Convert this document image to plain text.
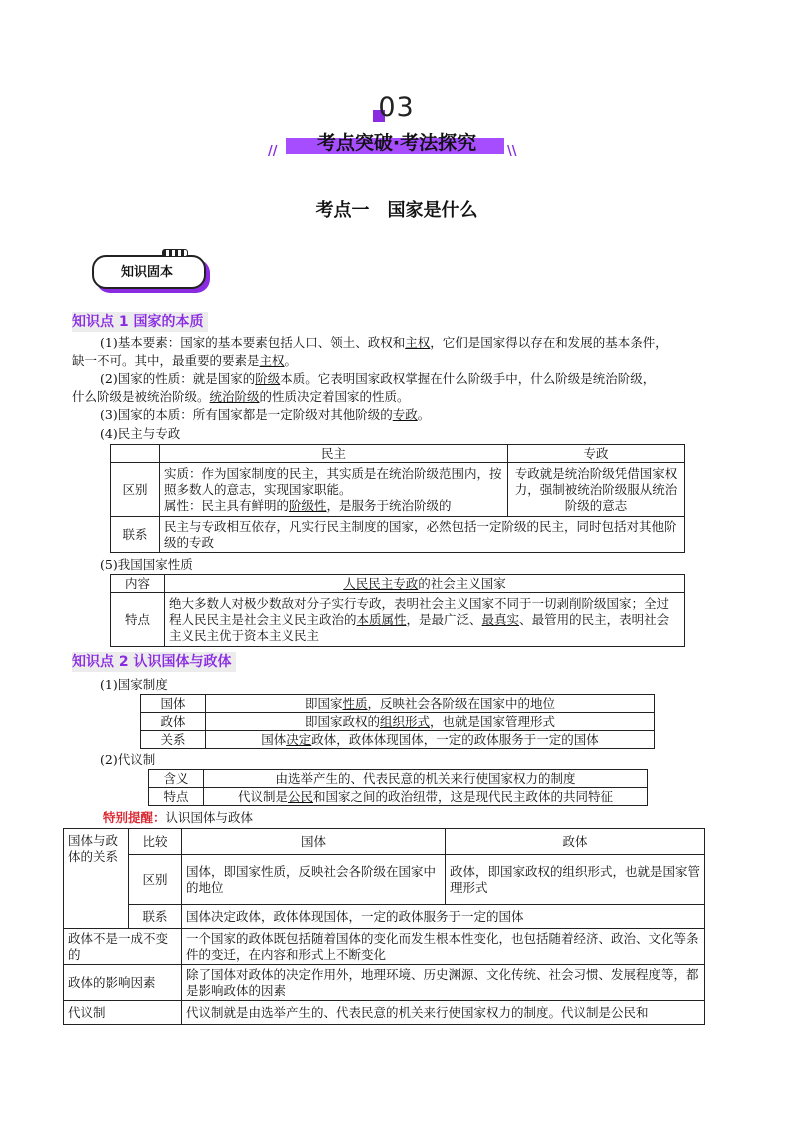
03
考点突破·考法探究
//	\\
考点一　国家是什么
知识固本
知识点 1 国家的本质
(1)基本要素：国家的基本要素包括人口、领土、政权和主权，它们是国家得以存在和发展的基本条件，
缺一不可。其中，最重要的要素是主权。
(2)国家的性质：就是国家的阶级本质。它表明国家政权掌握在什么阶级手中，什么阶级是统治阶级，
什么阶级是被统治阶级。统治阶级的性质决定着国家的性质。
(3)国家的本质：所有国家都是一定阶级对其他阶级的专政。
(4)民主与专政
	民主	专政
区别	实质：作为国家制度的民主，其实质是在统治阶级范围内，按照多数人的意志，实现国家职能。
属性：民主具有鲜明的阶级性，是服务于统治阶级的	专政就是统治阶级凭借国家权力，强制被统治阶级服从统治阶级的意志
联系	民主与专政相互依存，凡实行民主制度的国家，必然包括一定阶级的民主，同时包括对其他阶级的专政	
(5)我国国家性质
内容	人民民主专政的社会主义国家
特点	绝大多数人对极少数敌对分子实行专政，表明社会主义国家不同于一切剥削阶级国家；全过程人民民主是社会主义民主政治的本质属性，是最广泛、最真实、最管用的民主，表明社会主义民主优于资本主义民主
知识点 2 认识国体与政体
(1)国家制度
国体	即国家性质，反映社会各阶级在国家中的地位
政体	即国家政权的组织形式，也就是国家管理形式
关系	国体决定政体，政体体现国体，一定的政体服务于一定的国体
(2)代议制
含义	由选举产生的、代表民意的机关来行使国家权力的制度
特点	代议制是公民和国家之间的政治纽带，这是现代民主政体的共同特征
特别提醒：认识国体与政体
国体与政体的关系	比较	国体	政体
	区别	国体，即国家性质，反映社会各阶级在国家中的地位	政体，即国家政权的组织形式，也就是国家管理形式
	联系	国体决定政体，政体体现国体，一定的政体服务于一定的国体	
政体不是一成不变的		一个国家的政体既包括随着国体的变化而发生根本性变化，也包括随着经济、政治、文化等条件的变迁，在内容和形式上不断变化	
政体的影响因素		除了国体对政体的决定作用外，地理环境、历史渊源、文化传统、社会习惯、发展程度等，都是影响政体的因素	
代议制		代议制就是由选举产生的、代表民意的机关来行使国家权力的制度。代议制是公民和	
